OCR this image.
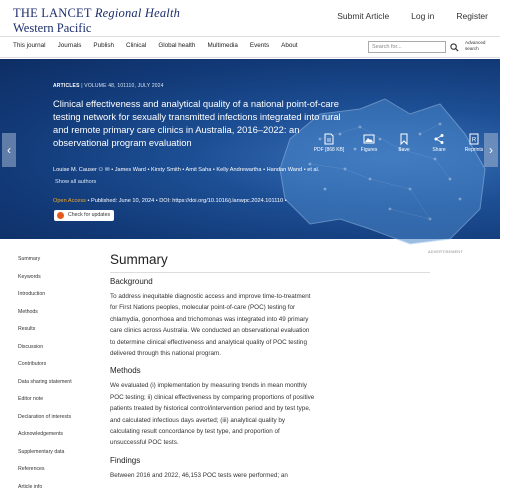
THE LANCET Regional Health
Western Pacific
Submit Article	Log in	Register
This journal Journals Publish Clinical Global health Multimedia Events About	Search for...
Advanced
search
ARTICLES | VOLUME 48, 101110, JULY 2024
Clinical effectiveness and analytical quality of a national point-of-care testing network for sexually transmitted infections integrated into rural and remote primary care clinics in Australia, 2016–2022: an observational program evaluation
Louise M. Causer ⚇ ✉ • James Ward • Kirsty Smith • Amit Saha • Kelly Andrewartha • Handan Wand • et al.
Show all authors
Open Access • Published: June 10, 2024 • DOI: https://doi.org/10.1016/j.lanwpc.2024.101110 •
Check for updates
PDF [868 KB]	Figures	Save	Share
R
Reprints
©
Request
‹	›
ADVERTISEMENT
Summary
Keywords
Introduction
Methods
Results
Discussion
Contributors
Data sharing statement
Editor note
Declaration of interests
Acknowledgements
Supplementary data
References
Article info
Summary
Background

To address inequitable diagnostic access and improve time-to-treatment for First Nations peoples, molecular point-of-care (POC) testing for chlamydia, gonorrhoea and trichomonas was integrated into 49 primary care clinics across Australia. We conducted an observational evaluation to determine clinical effectiveness and analytical quality of POC testing delivered through this national program.

Methods

We evaluated (i) implementation by measuring trends in mean monthly POC testing; ii) clinical effectiveness by comparing proportions of positive patients treated by historical control/intervention period and by test type, and calculated infectious days averted; (iii) analytical quality by calculating result concordance by test type, and proportion of unsuccessful POC tests.

Findings

Between 2016 and 2022, 46,153 POC tests were performed; an
